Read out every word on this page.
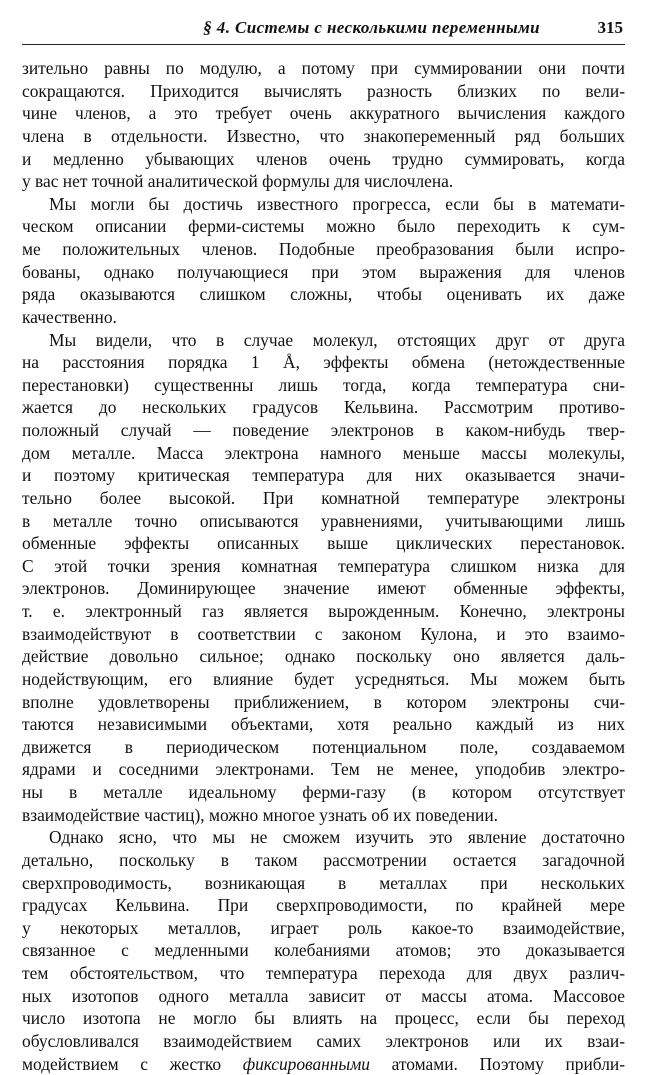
§ 4. Системы с несколькими переменными	315
зительно равны по модулю, а потому при суммировании они почти
сокращаются. Приходится вычислять разность близких по вели-
чине членов, а это требует очень аккуратного вычисления каждого
члена в отдельности. Известно, что знакопеременный ряд больших
и медленно убывающих членов очень трудно суммировать, когда
у вас нет точной аналитической формулы для числочлена.
Мы могли бы достичь известного прогресса, если бы в математи-
ческом описании ферми-системы можно было переходить к сум-
ме положительных членов. Подобные преобразования были испро-
бованы, однако получающиеся при этом выражения для членов
ряда оказываются слишком сложны, чтобы оценивать их даже
качественно.
Мы видели, что в случае молекул, отстоящих друг от друга
на расстояния порядка 1 Å, эффекты обмена (нетождественные
перестановки) существенны лишь тогда, когда температура сни-
жается до нескольких градусов Кельвина. Рассмотрим противо-
положный случай — поведение электронов в каком-нибудь твер-
дом металле. Масса электрона намного меньше массы молекулы,
и поэтому критическая температура для них оказывается значи-
тельно более высокой. При комнатной температуре электроны
в металле точно описываются уравнениями, учитывающими лишь
обменные эффекты описанных выше циклических перестановок.
С этой точки зрения комнатная температура слишком низка для
электронов. Доминирующее значение имеют обменные эффекты,
т. е. электронный газ является вырожденным. Конечно, электроны
взаимодействуют в соответствии с законом Кулона, и это взаимо-
действие довольно сильное; однако поскольку оно является даль-
нодействующим, его влияние будет усредняться. Мы можем быть
вполне удовлетворены приближением, в котором электроны счи-
таются независимыми объектами, хотя реально каждый из них
движется в периодическом потенциальном поле, создаваемом
ядрами и соседними электронами. Тем не менее, уподобив электро-
ны в металле идеальному ферми-газу (в котором отсутствует
взаимодействие частиц), можно многое узнать об их поведении.
Однако ясно, что мы не сможем изучить это явление достаточно
детально, поскольку в таком рассмотрении остается загадочной
сверхпроводимость, возникающая в металлах при нескольких
градусах Кельвина. При сверхпроводимости, по крайней мере
у некоторых металлов, играет роль какое-то взаимодействие,
связанное с медленными колебаниями атомов; это доказывается
тем обстоятельством, что температура перехода для двух различ-
ных изотопов одного металла зависит от массы атома. Массовое
число изотопа не могло бы влиять на процесс, если бы переход
обусловливался взаимодействием самих электронов или их взаи-
модействием с жестко фиксированными атомами. Поэтому прибли-
